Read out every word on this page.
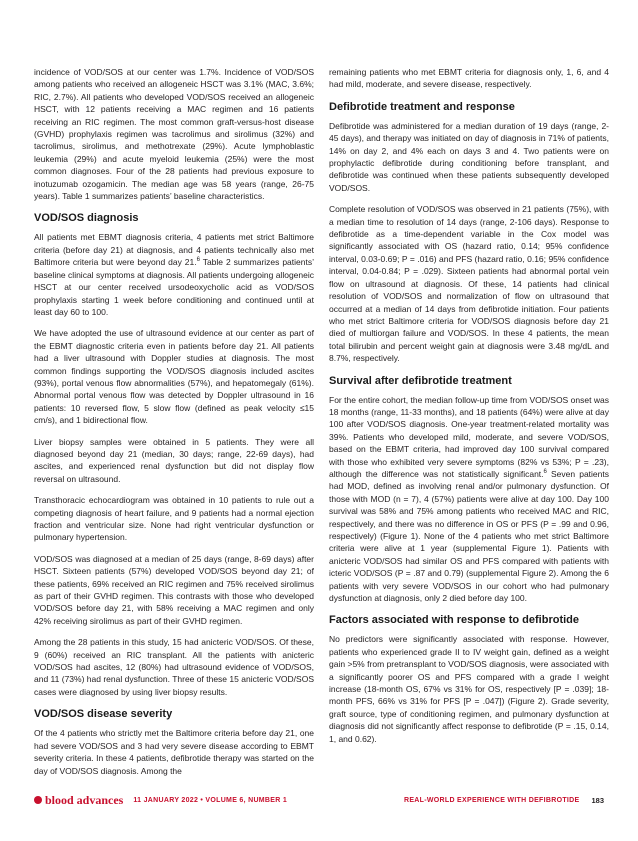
incidence of VOD/SOS at our center was 1.7%. Incidence of VOD/SOS among patients who received an allogeneic HSCT was 3.1% (MAC, 3.6%; RIC, 2.7%). All patients who developed VOD/SOS received an allogeneic HSCT, with 12 patients receiving a MAC regimen and 16 patients receiving an RIC regimen. The most common graft-versus-host disease (GVHD) prophylaxis regimen was tacrolimus and sirolimus (32%) and tacrolimus, sirolimus, and methotrexate (29%). Acute lymphoblastic leukemia (29%) and acute myeloid leukemia (25%) were the most common diagnoses. Four of the 28 patients had previous exposure to inotuzumab ozogamicin. The median age was 58 years (range, 26-75 years). Table 1 summarizes patients’ baseline characteristics.

VOD/SOS diagnosis

All patients met EBMT diagnosis criteria, 4 patients met strict Baltimore criteria (before day 21) at diagnosis, and 4 patients technically also met Baltimore criteria but were beyond day 21.$^6$ Table 2 summarizes patients’ baseline clinical symptoms at diagnosis. All patients undergoing allogeneic HSCT at our center received ursodeoxycholic acid as VOD/SOS prophylaxis starting 1 week before conditioning and continued until at least day 60 to 100.

We have adopted the use of ultrasound evidence at our center as part of the EBMT diagnostic criteria even in patients before day 21. All patients had a liver ultrasound with Doppler studies at diagnosis. The most common findings supporting the VOD/SOS diagnosis included ascites (93%), portal venous flow abnormalities (57%), and hepatomegaly (61%). Abnormal portal venous flow was detected by Doppler ultrasound in 16 patients: 10 reversed flow, 5 slow flow (defined as peak velocity ≤15 cm/s), and 1 bidirectional flow.

Liver biopsy samples were obtained in 5 patients. They were all diagnosed beyond day 21 (median, 30 days; range, 22-69 days), had ascites, and experienced renal dysfunction but did not display flow reversal on ultrasound.

Transthoracic echocardiogram was obtained in 10 patients to rule out a competing diagnosis of heart failure, and 9 patients had a normal ejection fraction and ventricular size. None had right ventricular dysfunction or pulmonary hypertension.

VOD/SOS was diagnosed at a median of 25 days (range, 8-69 days) after HSCT. Sixteen patients (57%) developed VOD/SOS beyond day 21; of these patients, 69% received an RIC regimen and 75% received sirolimus as part of their GVHD regimen. This contrasts with those who developed VOD/SOS before day 21, with 58% receiving a MAC regimen and only 42% receiving sirolimus as part of their GVHD regimen.

Among the 28 patients in this study, 15 had anicteric VOD/SOS. Of these, 9 (60%) received an RIC transplant. All the patients with anicteric VOD/SOS had ascites, 12 (80%) had ultrasound evidence of VOD/SOS, and 11 (73%) had renal dysfunction. Three of these 15 anicteric VOD/SOS cases were diagnosed by using liver biopsy results.

VOD/SOS disease severity

Of the 4 patients who strictly met the Baltimore criteria before day 21, one had severe VOD/SOS and 3 had very severe disease according to EBMT severity criteria. In these 4 patients, defibrotide therapy was started on the day of VOD/SOS diagnosis. Among the

remaining patients who met EBMT criteria for diagnosis only, 1, 6, and 4 had mild, moderate, and severe disease, respectively.

Defibrotide treatment and response

Defibrotide was administered for a median duration of 19 days (range, 2-45 days), and therapy was initiated on day of diagnosis in 71% of patients, 14% on day 2, and 4% each on days 3 and 4. Two patients were on prophylactic defibrotide during conditioning before transplant, and defibrotide was continued when these patients subsequently developed VOD/SOS.

Complete resolution of VOD/SOS was observed in 21 patients (75%), with a median time to resolution of 14 days (range, 2-106 days). Response to defibrotide as a time-dependent variable in the Cox model was significantly associated with OS (hazard ratio, 0.14; 95% confidence interval, 0.03-0.69; P = .016) and PFS (hazard ratio, 0.16; 95% confidence interval, 0.04-0.84; P = .029). Sixteen patients had abnormal portal vein flow on ultrasound at diagnosis. Of these, 14 patients had clinical resolution of VOD/SOS and normalization of flow on ultrasound that occurred at a median of 14 days from defibrotide initiation. Four patients who met strict Baltimore criteria for VOD/SOS diagnosis before day 21 died of multiorgan failure and VOD/SOS. In these 4 patients, the mean total bilirubin and percent weight gain at diagnosis were 3.48 mg/dL and 8.7%, respectively.

Survival after defibrotide treatment

For the entire cohort, the median follow-up time from VOD/SOS onset was 18 months (range, 11-33 months), and 18 patients (64%) were alive at day 100 after VOD/SOS diagnosis. One-year treatment-related mortality was 39%. Patients who developed mild, moderate, and severe VOD/SOS, based on the EBMT criteria, had improved day 100 survival compared with those who exhibited very severe symptoms (82% vs 53%; P = .23), although the difference was not statistically significant.$^6$ Seven patients had MOD, defined as involving renal and/or pulmonary dysfunction. Of those with MOD (n = 7), 4 (57%) patients were alive at day 100. Day 100 survival was 58% and 75% among patients who received MAC and RIC, respectively, and there was no difference in OS or PFS (P = .99 and 0.96, respectively) (Figure 1). None of the 4 patients who met strict Baltimore criteria were alive at 1 year (supplemental Figure 1). Patients with anicteric VOD/SOS had similar OS and PFS compared with patients with icteric VOD/SOS (P = .87 and 0.79) (supplemental Figure 2). Among the 6 patients with very severe VOD/SOS in our cohort who had pulmonary dysfunction at diagnosis, only 2 died before day 100.

Factors associated with response to defibrotide

No predictors were significantly associated with response. However, patients who experienced grade II to IV weight gain, defined as a weight gain >5% from pretransplant to VOD/SOS diagnosis, were associated with a significantly poorer OS and PFS compared with a grade I weight increase (18-month OS, 67% vs 31% for OS, respectively [P = .039]; 18-month PFS, 66% vs 31% for PFS [P = .047]) (Figure 2). Grade severity, graft source, type of conditioning regimen, and pulmonary dysfunction at diagnosis did not significantly affect response to defibrotide (P = .15, 0.14, 1, and 0.62).

blood advances 11 JANUARY 2022 • VOLUME 6, NUMBER 1	REAL-WORLD EXPERIENCE WITH DEFIBROTIDE 183
